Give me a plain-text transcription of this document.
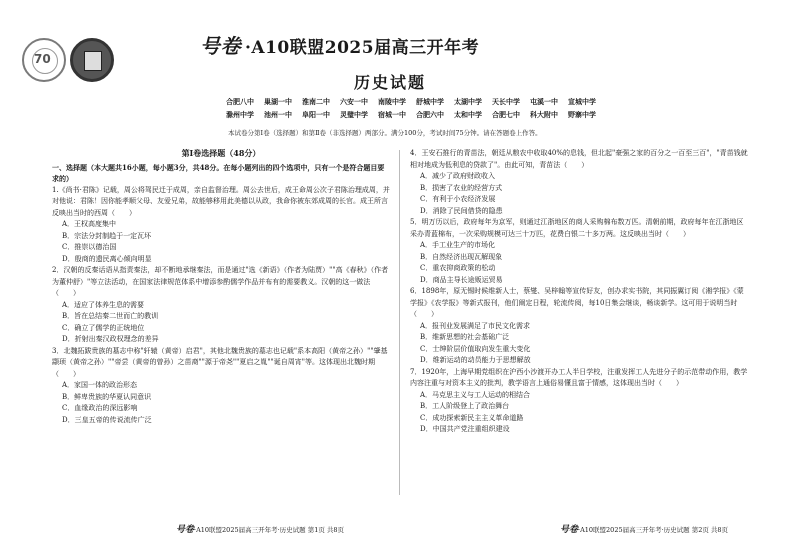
70
号卷 ·A10联盟2025届高三开年考
历史试题
合肥八中 巢湖一中 淮南二中 六安一中 南陵中学 舒城中学 太湖中学 天长中学 屯溪一中 宣城中学
滁州中学 池州一中 阜阳一中 灵璧中学 宿城一中 合肥六中 太和中学 合肥七中 科大附中 野寨中学
本试卷分第Ⅰ卷（选择题）和第Ⅱ卷（非选择题）两部分。满分100分，考试时间75分钟。请在答题卷上作答。
第Ⅰ卷选择题（48分）

一、选择题（本大题共16小题，每小题3分，共48分。在每小题列出的四个选项中，只有一个是符合题目要求的）

1.《尚书·君陈》记载，周公将驾民迁于成周，亲自监督治理。周公去世后，成王命周公次子君陈治理成周，并对他说：君陈！因你能孝顺父母、友爱兄弟，故能够移用此美德以从政，我命你被东郊成周的长官。成王所言反映出当时的西周（　　）

A．王权高度集中

B．宗法分封制趋于一定瓦坏

C．推崇以德治国

D．殷商的遗民离心倾向明显

2．汉朝的反秦话语从指责秦法，却不断地承继秦法，而是通过"选《新语》（作者为陆贾）""高《春秋》（作者为董仲舒）"等立法活动，在国家法律规范体系中增添参酌儒学作品并布有的需要教义。汉朝的这一做法（　　）

A．适应了体养生息的需要

B．旨在总结秦二世而亡的教训

C．确立了儒学的正统地位

D．折射出秦汉政权理念的差异

3．北魏拓跋贵族的墓志中称"轩辕（黄帝）启君"，其他北魏贵族的墓志也记载"系本高阳（黄帝之孙）""肇基颛顼（黄帝之孙）""帝尝（黄帝的曾孙）之苗裔""源于帝尧""夏启之胤""诞自周宵"等。这体现出北魏时期（　　）

A．家国一体的政治形态

B．鲜卑贵族的华夏认同意识

C．血缘政治的深远影响

D．三皇五帝的传说流传广泛

4．王安石推行的青苗法，朝廷从粮农中收取40%的息钱，但北起"豪强之家的百分之一百至三百"，"青苗钱就相对地成为低利息的贷款了"。由此可知，青苗法（　　）

A．减少了政府财政收入

B．损害了农业的经营方式

C．有利于小农经济发展

D．消除了民间借贷的隐患

5．明万历以后，政府每年为京军，则通过江浙地区的商人采购棉布数万匹。清朝前期，政府每年在江浙地区采办青蓝棉布，一次采购规模可达三十万匹，花费白银二十多万两。这反映出当时（　　）

A．手工业生产的市场化

B．自然经济出现瓦解现象

C．重农抑商政策的松动

D．商品主导长途贩运贸易

6．1898年，原无锡时候维新人士，蔡燮、吴梓翰等宣传好友，创办求实书院，其同振翼订阅《湘学报》《蒙学报》《农学报》等新式报刊，他们阐定日程，轮流传阅，每10日集会继谈，畅谈新学。这可用于说明当时（　　）

A．报刊业发展满足了市民文化需求

B．维新思想的社会基础广泛

C．士绅阶层价值取向发生重大变化

D．维新运动的动员能力于思想解放

7．1920年，上海早期党组织在沪西小沙渡开办工人半日学校，注重发挥工人先进分子的示范带动作用，教学内容注重与对资本主义的批判，教学语言上通俗易懂且富于情感，这体现出当时（　　）

A．马克思主义与工人运动的相结合

B．工人阶级登上了政治舞台

C．成功探索新民主主义革命道路

D．中国共产党注重组织建设

号卷·A10联盟2025届高三开年考·历史试题 第1页 共8页	号卷·A10联盟2025届高三开年考·历史试题 第2页 共8页
